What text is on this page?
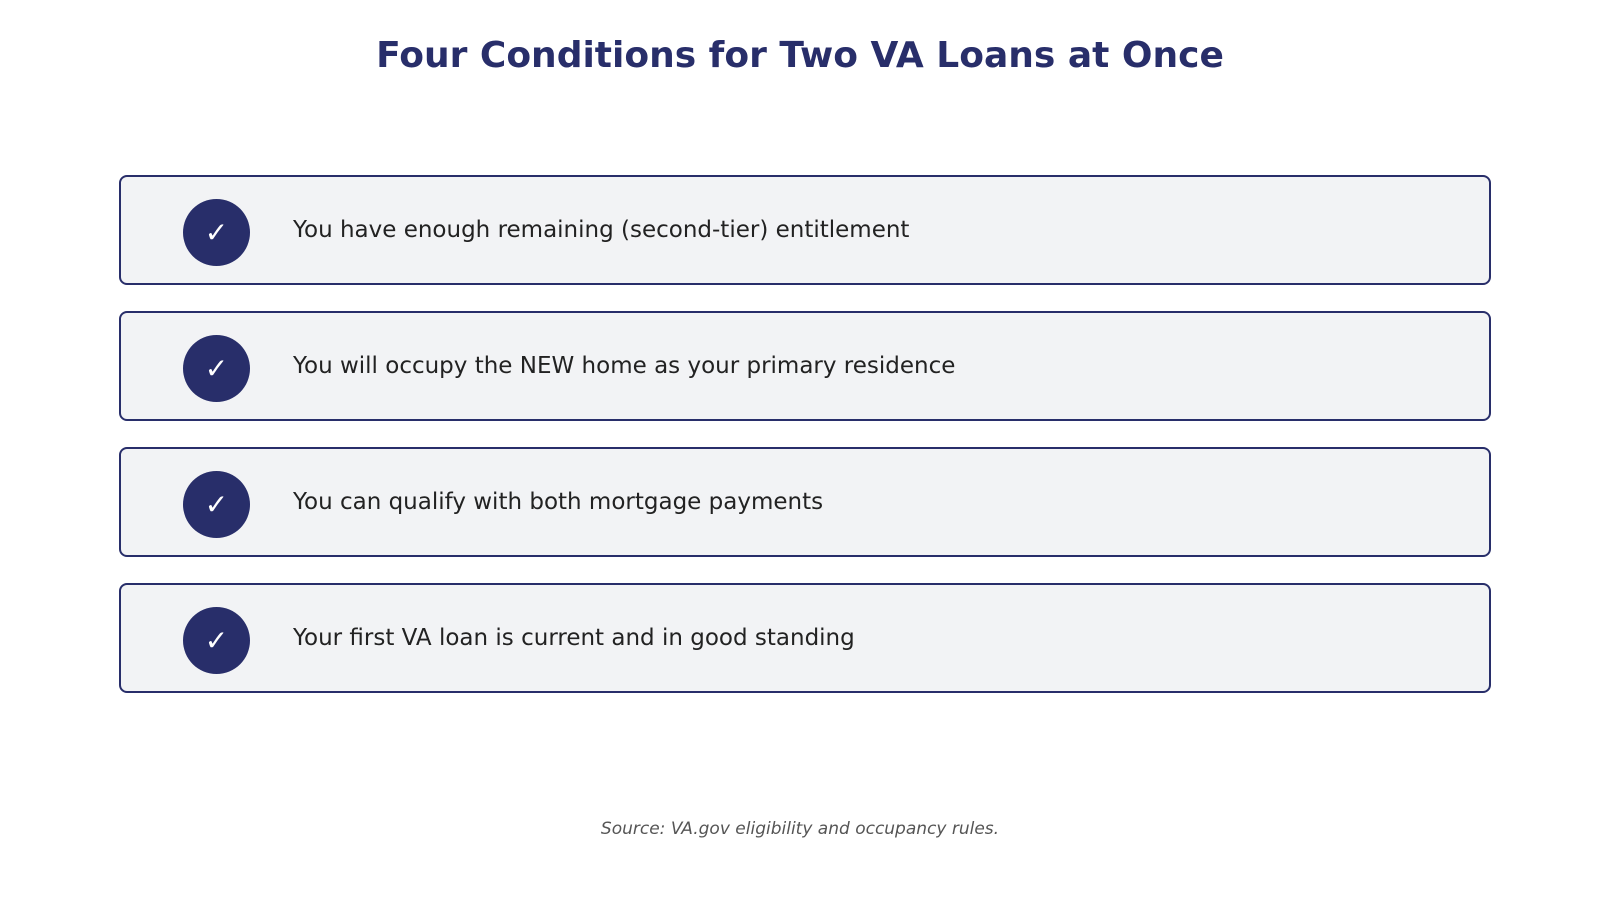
Four Conditions for Two VA Loans at Once
✓	You have enough remaining (second-tier) entitlement
✓	You will occupy the NEW home as your primary residence
✓	You can qualify with both mortgage payments
✓	Your first VA loan is current and in good standing
Source: VA.gov eligibility and occupancy rules.
